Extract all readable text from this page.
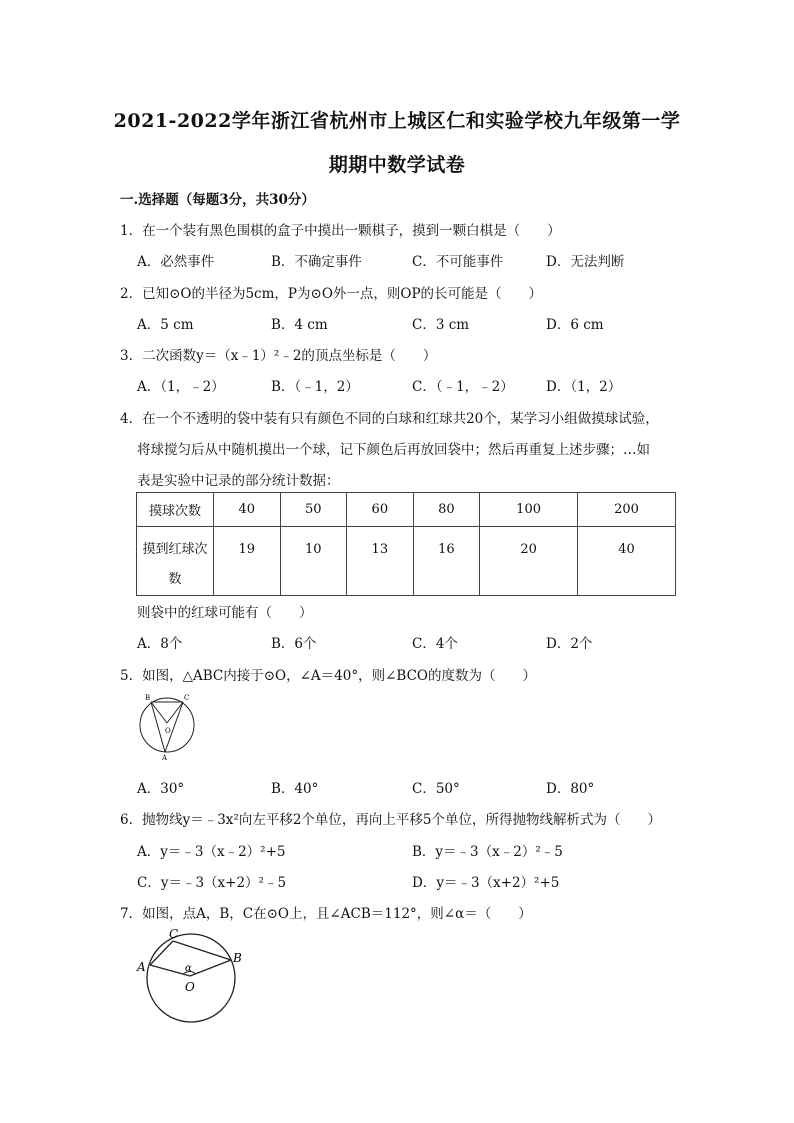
2021-2022学年浙江省杭州市上城区仁和实验学校九年级第一学
期期中数学试卷
一.选择题（每题3分，共30分）
1．在一个装有黑色围棋的盒子中摸出一颗棋子，摸到一颗白棋是（　　）
A．必然事件	B．不确定事件	C．不可能事件	D．无法判断
2．已知⊙O的半径为5cm，P为⊙O外一点，则OP的长可能是（　　）
A．5 cm	B．4 cm	C．3 cm	D．6 cm
3．二次函数y＝（x﹣1）²﹣2的顶点坐标是（　　）
A．（1，﹣2）	B．（﹣1，2）	C．（﹣1，﹣2） D．（1，2）
4．在一个不透明的袋中装有只有颜色不同的白球和红球共20个，某学习小组做摸球试验，
将球搅匀后从中随机摸出一个球，记下颜色后再放回袋中；然后再重复上述步骤；…如
表是实验中记录的部分统计数据：
摸球次数	40	50	60	80	100	200

摸到红球次
数	19	10	13	16	20	40
则袋中的红球可能有（　　）
A．8个	B．6个	C．4个	D．2个
5．如图，△ABC内接于⊙O，∠A＝40°，则∠BCO的度数为（　　）
B	C
O
A
A．30°	B．40°	C．50°	D．80°
6．抛物线y＝﹣3x²向左平移2个单位，再向上平移5个单位，所得抛物线解析式为（　　）
A．y＝﹣3（x﹣2）²+5	B．y＝﹣3（x﹣2）²﹣5
C．y＝﹣3（x+2）²﹣5	D．y＝﹣3（x+2）²+5
7．如图，点A，B，C在⊙O上，且∠ACB＝112°，则∠α＝（　　）
C
A
B
α
O
